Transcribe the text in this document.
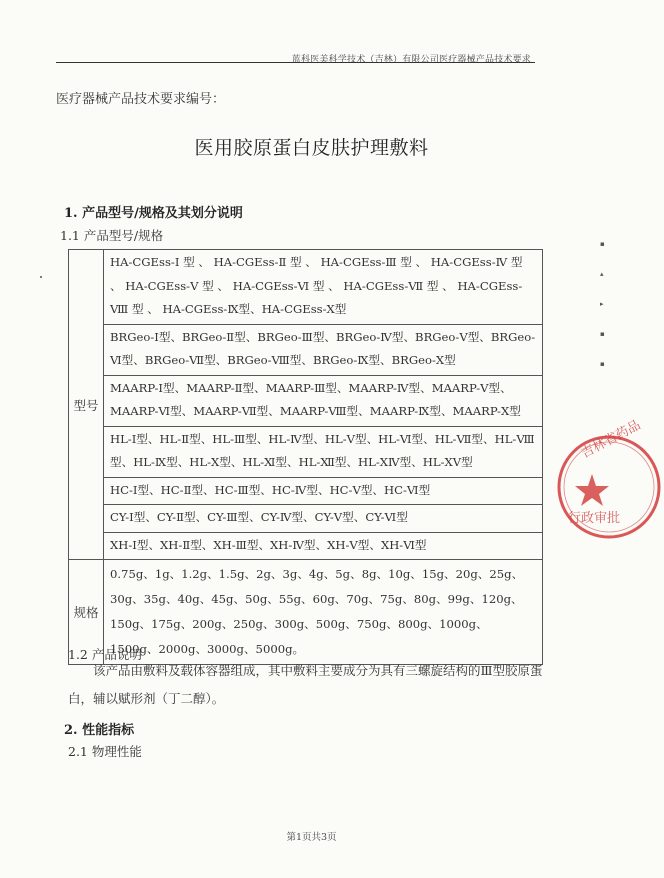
蓝科医美科学技术（吉林）有限公司医疗器械产品技术要求
医疗器械产品技术要求编号：
医用胶原蛋白皮肤护理敷料
1. 产品型号/规格及其划分说明
1.1 产品型号/规格
型号	HA-CGEss-Ⅰ 型 、 HA-CGEss-Ⅱ 型 、 HA-CGEss-Ⅲ 型 、 HA-CGEss-Ⅳ 型 、 HA-CGEss-Ⅴ 型 、 HA-CGEss-Ⅵ 型 、 HA-CGEss-Ⅶ 型 、 HA-CGEss-Ⅷ 型 、 HA-CGEss-Ⅸ型、HA-CGEss-Ⅹ型
	BRGeo-Ⅰ型、BRGeo-Ⅱ型、BRGeo-Ⅲ型、BRGeo-Ⅳ型、BRGeo-Ⅴ型、BRGeo-Ⅵ型、BRGeo-Ⅶ型、BRGeo-Ⅷ型、BRGeo-Ⅸ型、BRGeo-Ⅹ型
	MAARP-Ⅰ型、MAARP-Ⅱ型、MAARP-Ⅲ型、MAARP-Ⅳ型、MAARP-Ⅴ型、MAARP-Ⅵ型、MAARP-Ⅶ型、MAARP-Ⅷ型、MAARP-Ⅸ型、MAARP-Ⅹ型
	HL-Ⅰ型、HL-Ⅱ型、HL-Ⅲ型、HL-Ⅳ型、HL-Ⅴ型、HL-Ⅵ型、HL-Ⅶ型、HL-Ⅷ型、HL-Ⅸ型、HL-Ⅹ型、HL-Ⅺ型、HL-Ⅻ型、HL-ⅩⅣ型、HL-ⅩⅤ型
	HC-Ⅰ型、HC-Ⅱ型、HC-Ⅲ型、HC-Ⅳ型、HC-Ⅴ型、HC-Ⅵ型
	CY-Ⅰ型、CY-Ⅱ型、CY-Ⅲ型、CY-Ⅳ型、CY-Ⅴ型、CY-Ⅵ型
	XH-Ⅰ型、XH-Ⅱ型、XH-Ⅲ型、XH-Ⅳ型、XH-Ⅴ型、XH-Ⅵ型
规格	0.75g、1g、1.2g、1.5g、2g、3g、4g、5g、8g、10g、15g、20g、25g、30g、35g、40g、45g、50g、55g、60g、70g、75g、80g、99g、120g、150g、175g、200g、250g、300g、500g、750g、800g、1000g、1500g、2000g、3000g、5000g。
1.2 产品说明
该产品由敷料及载体容器组成，其中敷料主要成分为具有三螺旋结构的Ⅲ型胶原蛋白，辅以赋形剂（丁二醇）。
2. 性能指标
2.1 物理性能
第1页共3页
▪
▴
▸
▪
▪
吉林省药品
行政审批
